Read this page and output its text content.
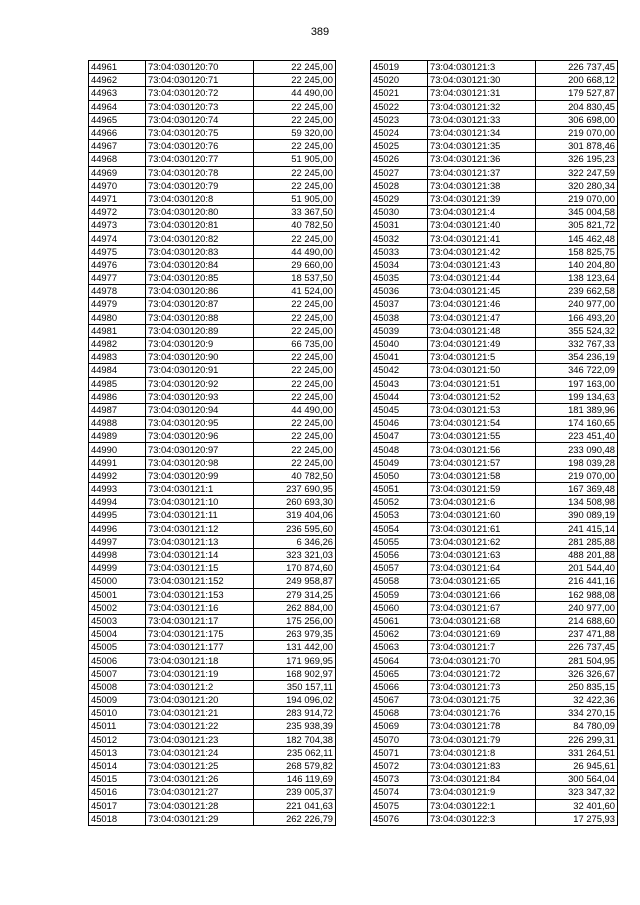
389
44961	73:04:030120:70	22 245,00
44962	73:04:030120:71	22 245,00
44963	73:04:030120:72	44 490,00
44964	73:04:030120:73	22 245,00
44965	73:04:030120:74	22 245,00
44966	73:04:030120:75	59 320,00
44967	73:04:030120:76	22 245,00
44968	73:04:030120:77	51 905,00
44969	73:04:030120:78	22 245,00
44970	73:04:030120:79	22 245,00
44971	73:04:030120:8	51 905,00
44972	73:04:030120:80	33 367,50
44973	73:04:030120:81	40 782,50
44974	73:04:030120:82	22 245,00
44975	73:04:030120:83	44 490,00
44976	73:04:030120:84	29 660,00
44977	73:04:030120:85	18 537,50
44978	73:04:030120:86	41 524,00
44979	73:04:030120:87	22 245,00
44980	73:04:030120:88	22 245,00
44981	73:04:030120:89	22 245,00
44982	73:04:030120:9	66 735,00
44983	73:04:030120:90	22 245,00
44984	73:04:030120:91	22 245,00
44985	73:04:030120:92	22 245,00
44986	73:04:030120:93	22 245,00
44987	73:04:030120:94	44 490,00
44988	73:04:030120:95	22 245,00
44989	73:04:030120:96	22 245,00
44990	73:04:030120:97	22 245,00
44991	73:04:030120:98	22 245,00
44992	73:04:030120:99	40 782,50
44993	73:04:030121:1	237 690,95
44994	73:04:030121:10	260 693,30
44995	73:04:030121:11	319 404,06
44996	73:04:030121:12	236 595,60
44997	73:04:030121:13	6 346,26
44998	73:04:030121:14	323 321,03
44999	73:04:030121:15	170 874,60
45000	73:04:030121:152	249 958,87
45001	73:04:030121:153	279 314,25
45002	73:04:030121:16	262 884,00
45003	73:04:030121:17	175 256,00
45004	73:04:030121:175	263 979,35
45005	73:04:030121:177	131 442,00
45006	73:04:030121:18	171 969,95
45007	73:04:030121:19	168 902,97
45008	73:04:030121:2	350 157,11
45009	73:04:030121:20	194 096,02
45010	73:04:030121:21	283 914,72
45011	73:04:030121:22	235 938,39
45012	73:04:030121:23	182 704,38
45013	73:04:030121:24	235 062,11
45014	73:04:030121:25	268 579,82
45015	73:04:030121:26	146 119,69
45016	73:04:030121:27	239 005,37
45017	73:04:030121:28	221 041,63
45018	73:04:030121:29	262 226,79
45019	73:04:030121:3	226 737,45
45020	73:04:030121:30	200 668,12
45021	73:04:030121:31	179 527,87
45022	73:04:030121:32	204 830,45
45023	73:04:030121:33	306 698,00
45024	73:04:030121:34	219 070,00
45025	73:04:030121:35	301 878,46
45026	73:04:030121:36	326 195,23
45027	73:04:030121:37	322 247,59
45028	73:04:030121:38	320 280,34
45029	73:04:030121:39	219 070,00
45030	73:04:030121:4	345 004,58
45031	73:04:030121:40	305 821,72
45032	73:04:030121:41	145 462,48
45033	73:04:030121:42	158 825,75
45034	73:04:030121:43	140 204,80
45035	73:04:030121:44	138 123,64
45036	73:04:030121:45	239 662,58
45037	73:04:030121:46	240 977,00
45038	73:04:030121:47	166 493,20
45039	73:04:030121:48	355 524,32
45040	73:04:030121:49	332 767,33
45041	73:04:030121:5	354 236,19
45042	73:04:030121:50	346 722,09
45043	73:04:030121:51	197 163,00
45044	73:04:030121:52	199 134,63
45045	73:04:030121:53	181 389,96
45046	73:04:030121:54	174 160,65
45047	73:04:030121:55	223 451,40
45048	73:04:030121:56	233 090,48
45049	73:04:030121:57	198 039,28
45050	73:04:030121:58	219 070,00
45051	73:04:030121:59	167 369,48
45052	73:04:030121:6	134 508,98
45053	73:04:030121:60	390 089,19
45054	73:04:030121:61	241 415,14
45055	73:04:030121:62	281 285,88
45056	73:04:030121:63	488 201,88
45057	73:04:030121:64	201 544,40
45058	73:04:030121:65	216 441,16
45059	73:04:030121:66	162 988,08
45060	73:04:030121:67	240 977,00
45061	73:04:030121:68	214 688,60
45062	73:04:030121:69	237 471,88
45063	73:04:030121:7	226 737,45
45064	73:04:030121:70	281 504,95
45065	73:04:030121:72	326 326,67
45066	73:04:030121:73	250 835,15
45067	73:04:030121:75	32 422,36
45068	73:04:030121:76	334 270,15
45069	73:04:030121:78	84 780,09
45070	73:04:030121:79	226 299,31
45071	73:04:030121:8	331 264,51
45072	73:04:030121:83	26 945,61
45073	73:04:030121:84	300 564,04
45074	73:04:030121:9	323 347,32
45075	73:04:030122:1	32 401,60
45076	73:04:030122:3	17 275,93
